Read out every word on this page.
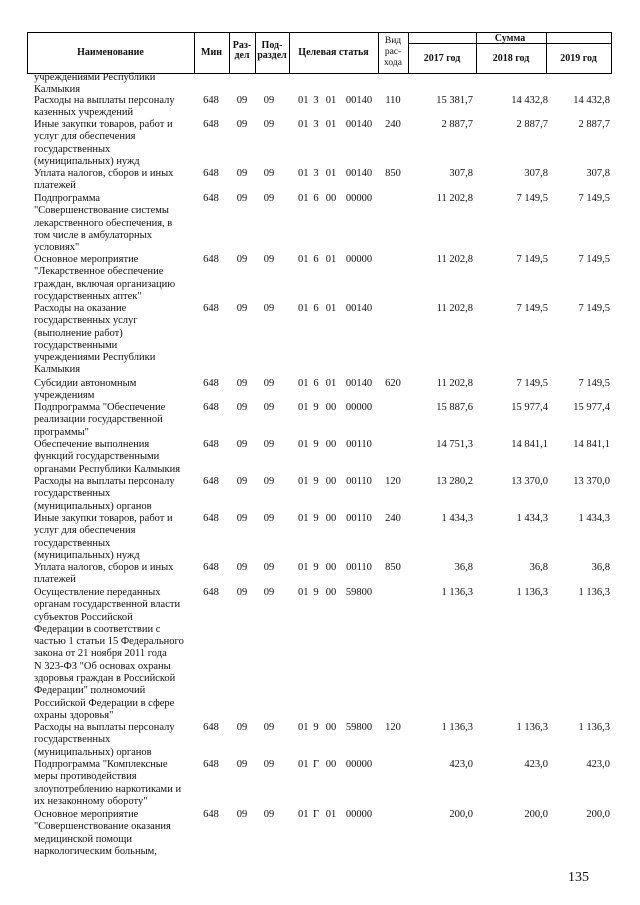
Наименование	Мин
Раз-
дел
Под-
раздел	Целевая статья
Вид
рас-
хода
Сумма
2017 год	2018 год	2019 год
учреждениями Республики
Калмыкия
Расходы на выплаты персоналу
казенных учреждений
648	09	09	01 3 01 00140	110	15 381,7	14 432,8	14 432,8
Иные закупки товаров, работ и
услуг для обеспечения
государственных
(муниципальных) нужд
648	09	09	01 3 01 00140	240	2 887,7	2 887,7	2 887,7
Уплата налогов, сборов и иных
платежей
648	09	09	01 3 01 00140	850	307,8	307,8	307,8
Подпрограмма
"Совершенствование системы
лекарственного обеспечения, в
том числе в амбулаторных
условиях"
648	09	09	01 6 00 00000	11 202,8	7 149,5	7 149,5
Основное мероприятие
"Лекарственное обеспечение
граждан, включая организацию
государственных аптек"
648	09	09	01 6 01 00000	11 202,8	7 149,5	7 149,5
Расходы на оказание
государственных услуг
(выполнение работ)
государственными
учреждениями Республики
Калмыкия
648	09	09	01 6 01 00140	11 202,8	7 149,5	7 149,5
Субсидии автономным
учреждениям
648	09	09	01 6 01 00140	620	11 202,8	7 149,5	7 149,5
Подпрограмма "Обеспечение
реализации государственной
программы"
648	09	09	01 9 00 00000	15 887,6	15 977,4	15 977,4
Обеспечение выполнения
функций государственными
органами Республики Калмыкия
648	09	09	01 9 00 00110	14 751,3	14 841,1	14 841,1
Расходы на выплаты персоналу
государственных
(муниципальных) органов
648	09	09	01 9 00 00110	120	13 280,2	13 370,0	13 370,0
Иные закупки товаров, работ и
услуг для обеспечения
государственных
(муниципальных) нужд
648	09	09	01 9 00 00110	240	1 434,3	1 434,3	1 434,3
Уплата налогов, сборов и иных
платежей
648	09	09	01 9 00 00110	850	36,8	36,8	36,8
Осуществление переданных
органам государственной власти
субъектов Российской
Федерации в соответствии с
частью 1 статьи 15 Федерального
закона от 21 ноября 2011 года
N 323-ФЗ "Об основах охраны
здоровья граждан в Российской
Федерации" полномочий
Российской Федерации в сфере
охраны здоровья"
648	09	09	01 9 00 59800	1 136,3	1 136,3	1 136,3
Расходы на выплаты персоналу
государственных
(муниципальных) органов
648	09	09	01 9 00 59800	120	1 136,3	1 136,3	1 136,3
Подпрограмма "Комплексные
меры противодействия
злоупотреблению наркотиками и
их незаконному обороту"
648	09	09	01 Г 00 00000	423,0	423,0	423,0
Основное мероприятие
"Совершенствование оказания
медицинской помощи
наркологическим больным,
648	09	09	01 Г 01 00000	200,0	200,0	200,0
135
